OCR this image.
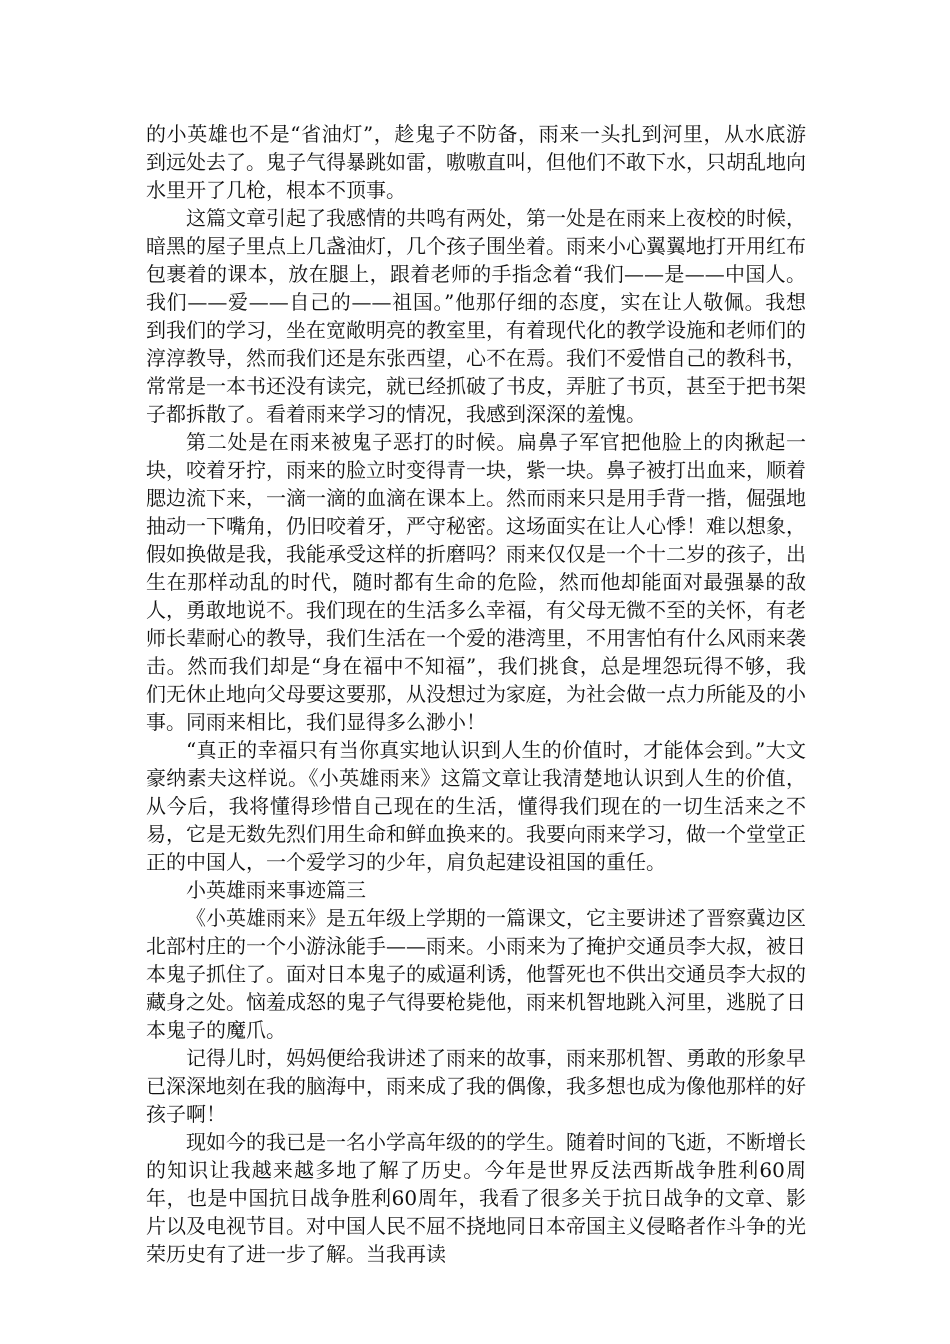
的小英雄也不是“省油灯”，趁鬼子不防备，雨来一头扎到河里，从水底游到远处去了。鬼子气得暴跳如雷，嗷嗷直叫，但他们不敢下水，只胡乱地向水里开了几枪，根本不顶事。

这篇文章引起了我感情的共鸣有两处，第一处是在雨来上夜校的时候，暗黑的屋子里点上几盏油灯，几个孩子围坐着。雨来小心翼翼地打开用红布包裹着的课本，放在腿上，跟着老师的手指念着“我们——是——中国人。我们——爱——自己的——祖国。”他那仔细的态度，实在让人敬佩。我想到我们的学习，坐在宽敞明亮的教室里，有着现代化的教学设施和老师们的淳淳教导，然而我们还是东张西望，心不在焉。我们不爱惜自己的教科书，常常是一本书还没有读完，就已经抓破了书皮，弄脏了书页，甚至于把书架子都拆散了。看着雨来学习的情况，我感到深深的羞愧。

第二处是在雨来被鬼子恶打的时候。扁鼻子军官把他脸上的肉揪起一块，咬着牙拧，雨来的脸立时变得青一块，紫一块。鼻子被打出血来，顺着腮边流下来，一滴一滴的血滴在课本上。然而雨来只是用手背一揩，倔强地抽动一下嘴角，仍旧咬着牙，严守秘密。这场面实在让人心悸！难以想象，假如换做是我，我能承受这样的折磨吗？雨来仅仅是一个十二岁的孩子，出生在那样动乱的时代，随时都有生命的危险，然而他却能面对最强暴的敌人，勇敢地说不。我们现在的生活多么幸福，有父母无微不至的关怀，有老师长辈耐心的教导，我们生活在一个爱的港湾里，不用害怕有什么风雨来袭击。然而我们却是“身在福中不知福”，我们挑食，总是埋怨玩得不够，我们无休止地向父母要这要那，从没想过为家庭，为社会做一点力所能及的小事。同雨来相比，我们显得多么渺小！

“真正的幸福只有当你真实地认识到人生的价值时，才能体会到。”大文豪纳素夫这样说。《小英雄雨来》这篇文章让我清楚地认识到人生的价值，从今后，我将懂得珍惜自己现在的生活，懂得我们现在的一切生活来之不易，它是无数先烈们用生命和鲜血换来的。我要向雨来学习，做一个堂堂正正的中国人，一个爱学习的少年，肩负起建设祖国的重任。

小英雄雨来事迹篇三

《小英雄雨来》是五年级上学期的一篇课文，它主要讲述了晋察冀边区北部村庄的一个小游泳能手——雨来。小雨来为了掩护交通员李大叔，被日本鬼子抓住了。面对日本鬼子的威逼利诱，他誓死也不供出交通员李大叔的藏身之处。恼羞成怒的鬼子气得要枪毙他，雨来机智地跳入河里，逃脱了日本鬼子的魔爪。

记得儿时，妈妈便给我讲述了雨来的故事，雨来那机智、勇敢的形象早已深深地刻在我的脑海中，雨来成了我的偶像，我多想也成为像他那样的好孩子啊！

现如今的我已是一名小学高年级的的学生。随着时间的飞逝，不断增长的知识让我越来越多地了解了历史。今年是世界反法西斯战争胜利60周年，也是中国抗日战争胜利60周年，我看了很多关于抗日战争的文章、影片以及电视节目。对中国人民不屈不挠地同日本帝国主义侵略者作斗争的光荣历史有了进一步了解。当我再读
